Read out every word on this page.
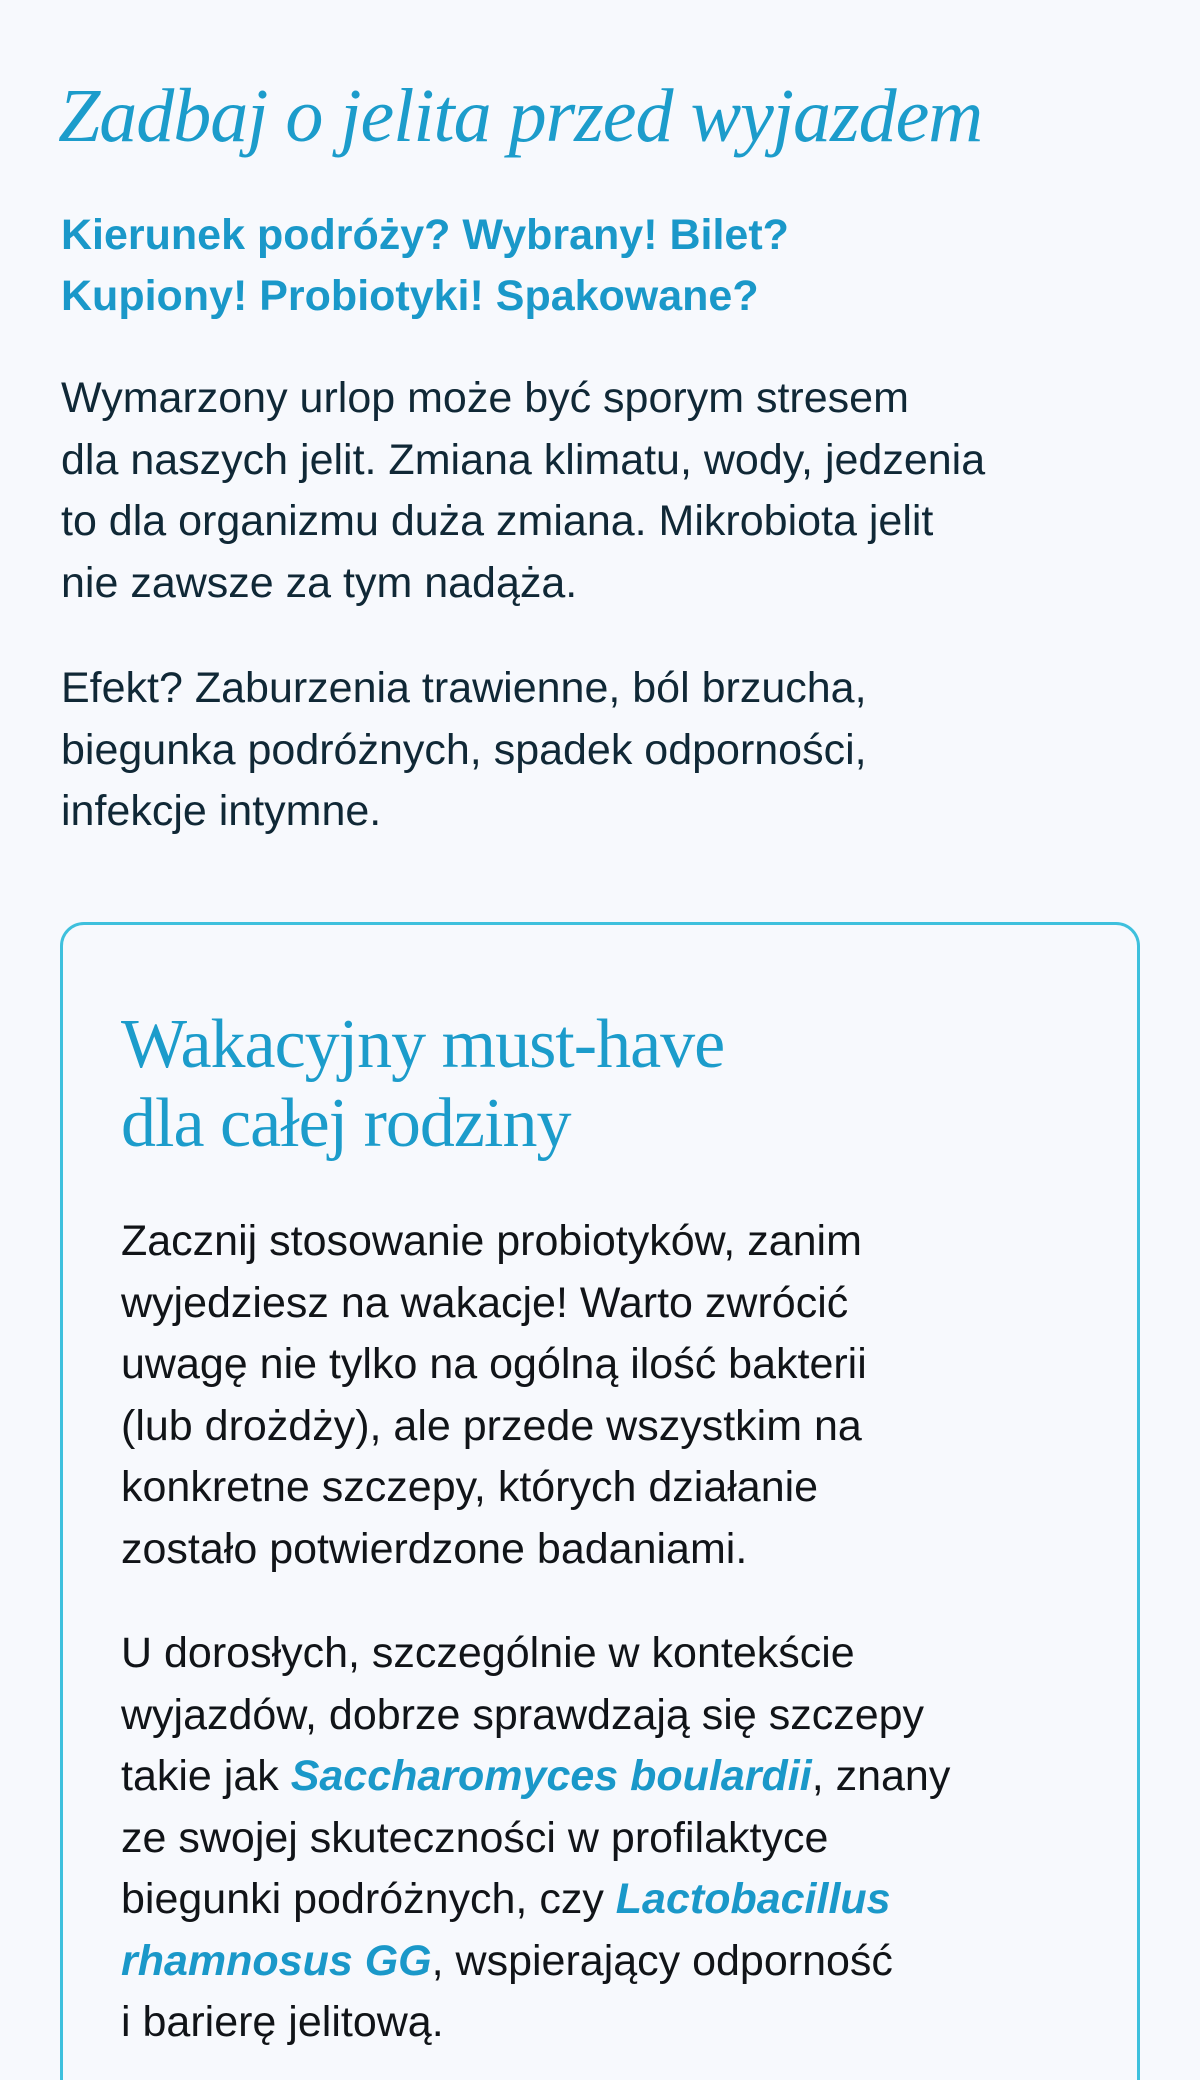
Zadbaj o jelita przed wyjazdem

Kierunek podróży? Wybrany! Bilet?
Kupiony! Probiotyki! Spakowane?

Wymarzony urlop może być sporym stresem
dla naszych jelit. Zmiana klimatu, wody, jedzenia
to dla organizmu duża zmiana. Mikrobiota jelit
nie zawsze za tym nadąża.

Efekt? Zaburzenia trawienne, ból brzucha,
biegunka podróżnych, spadek odporności,
infekcje intymne.

Wakacyjny must-have
dla całej rodziny

Zacznij stosowanie probiotyków, zanim
wyjedziesz na wakacje! Warto zwrócić
uwagę nie tylko na ogólną ilość bakterii
(lub drożdży), ale przede wszystkim na
konkretne szczepy, których działanie
zostało potwierdzone badaniami.

U dorosłych, szczególnie w kontekście
wyjazdów, dobrze sprawdzają się szczepy
takie jak Saccharomyces boulardii, znany
ze swojej skuteczności w profilaktyce
biegunki podróżnych, czy Lactobacillus
rhamnosus GG, wspierający odporność
i barierę jelitową.
